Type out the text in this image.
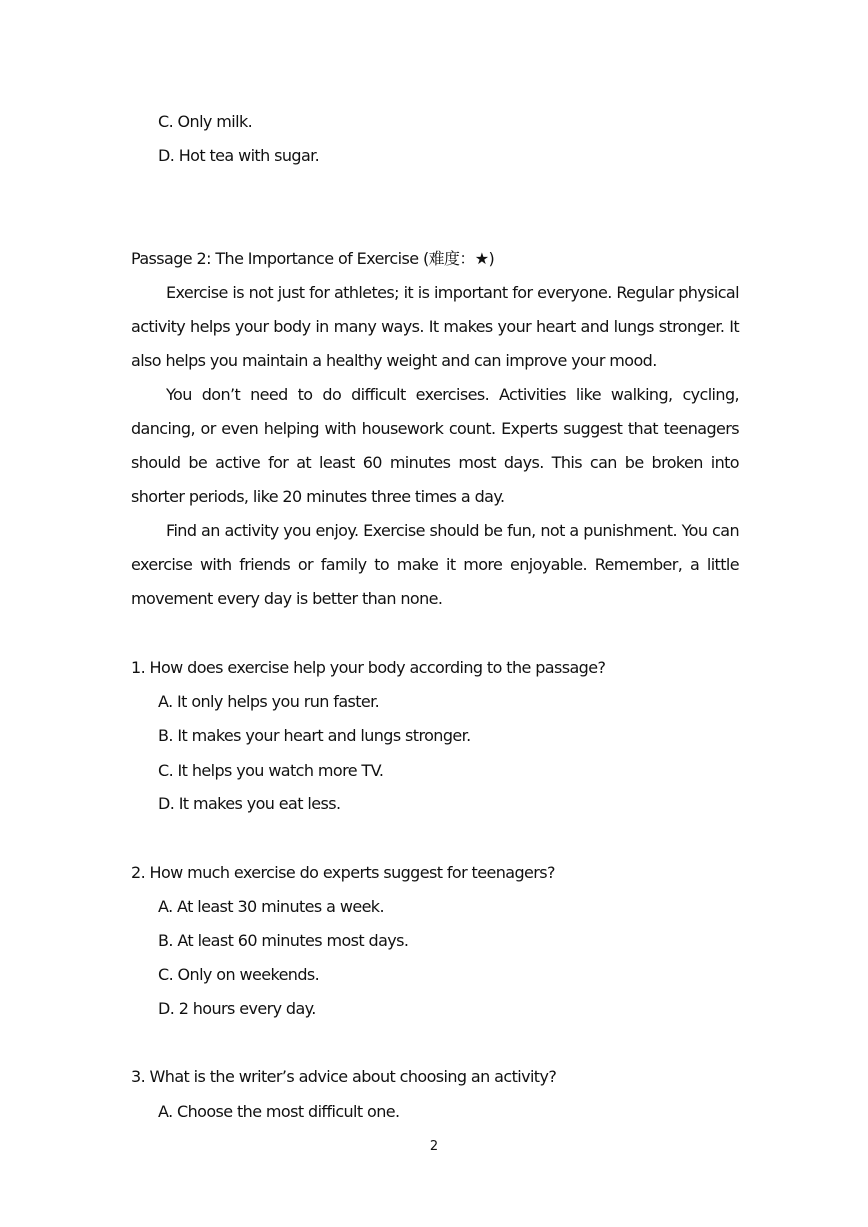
C. Only milk.
D. Hot tea with sugar.
Passage 2: The Importance of Exercise (难度：★)

Exercise is not just for athletes; it is important for everyone. Regular physical activity helps your body in many ways. It makes your heart and lungs stronger. It also helps you maintain a healthy weight and can improve your mood.

You don’t need to do difficult exercises. Activities like walking, cycling, dancing, or even helping with housework count. Experts suggest that teenagers should be active for at least 60 minutes most days. This can be broken into shorter periods, like 20 minutes three times a day.

Find an activity you enjoy. Exercise should be fun, not a punishment. You can exercise with friends or family to make it more enjoyable. Remember, a little movement every day is better than none.

1. How does exercise help your body according to the passage?
A. It only helps you run faster.
B. It makes your heart and lungs stronger.
C. It helps you watch more TV.
D. It makes you eat less.
2. How much exercise do experts suggest for teenagers?
A. At least 30 minutes a week.
B. At least 60 minutes most days.
C. Only on weekends.
D. 2 hours every day.
3. What is the writer’s advice about choosing an activity?
A. Choose the most difficult one.
2
